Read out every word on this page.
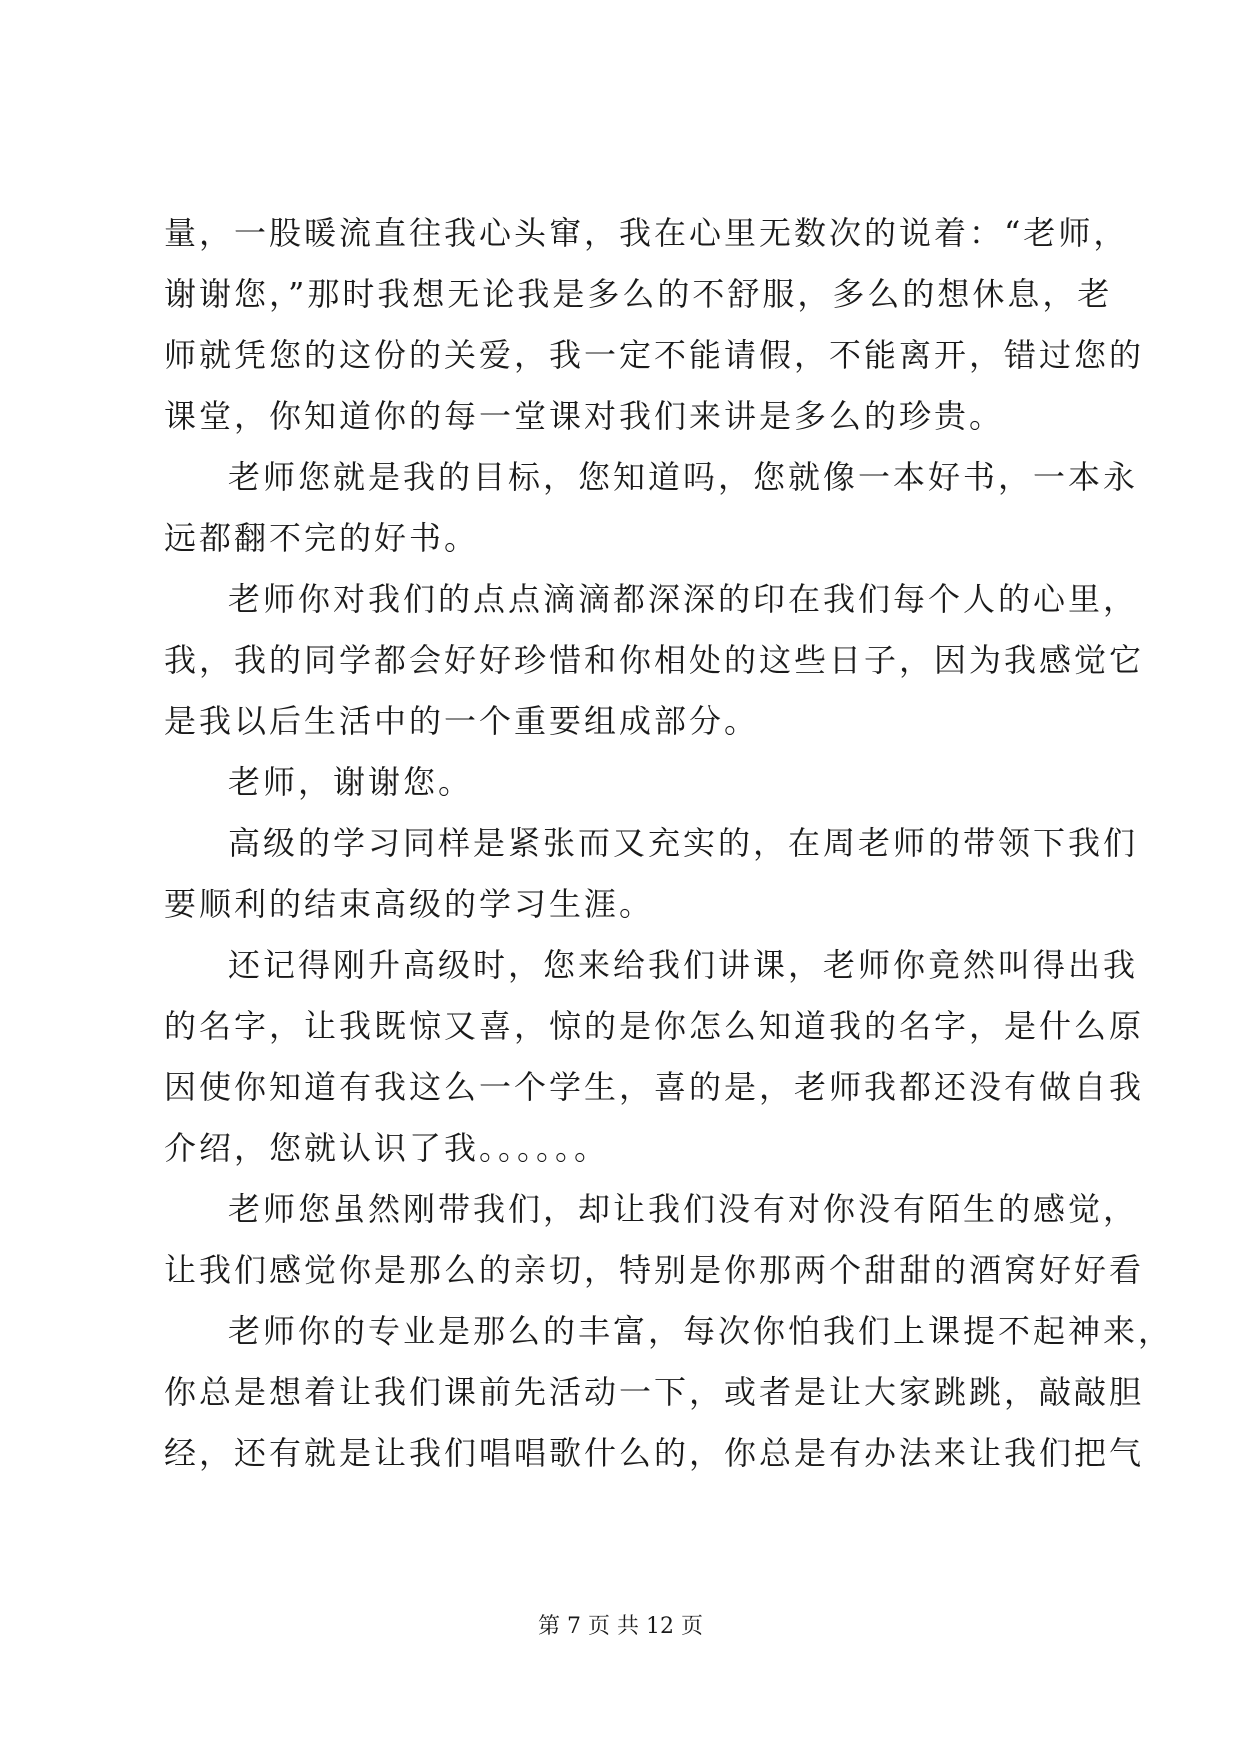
量，一股暖流直往我心头窜，我在心里无数次的说着：“老师，
谢谢您，”那时我想无论我是多么的不舒服，多么的想休息，老
师就凭您的这份的关爱，我一定不能请假，不能离开，错过您的
课堂，你知道你的每一堂课对我们来讲是多么的珍贵。
老师您就是我的目标，您知道吗，您就像一本好书，一本永
远都翻不完的好书。
老师你对我们的点点滴滴都深深的印在我们每个人的心里，
我，我的同学都会好好珍惜和你相处的这些日子，因为我感觉它
是我以后生活中的一个重要组成部分。
老师，谢谢您。
高级的学习同样是紧张而又充实的，在周老师的带领下我们
要顺利的结束高级的学习生涯。
还记得刚升高级时，您来给我们讲课，老师你竟然叫得出我
的名字，让我既惊又喜，惊的是你怎么知道我的名字，是什么原
因使你知道有我这么一个学生，喜的是，老师我都还没有做自我
介绍，您就认识了我。。。。。。
老师您虽然刚带我们，却让我们没有对你没有陌生的感觉，
让我们感觉你是那么的亲切，特别是你那两个甜甜的酒窝好好看
老师你的专业是那么的丰富，每次你怕我们上课提不起神来，
你总是想着让我们课前先活动一下，或者是让大家跳跳，敲敲胆
经，还有就是让我们唱唱歌什么的，你总是有办法来让我们把气
第 7 页 共 12 页
